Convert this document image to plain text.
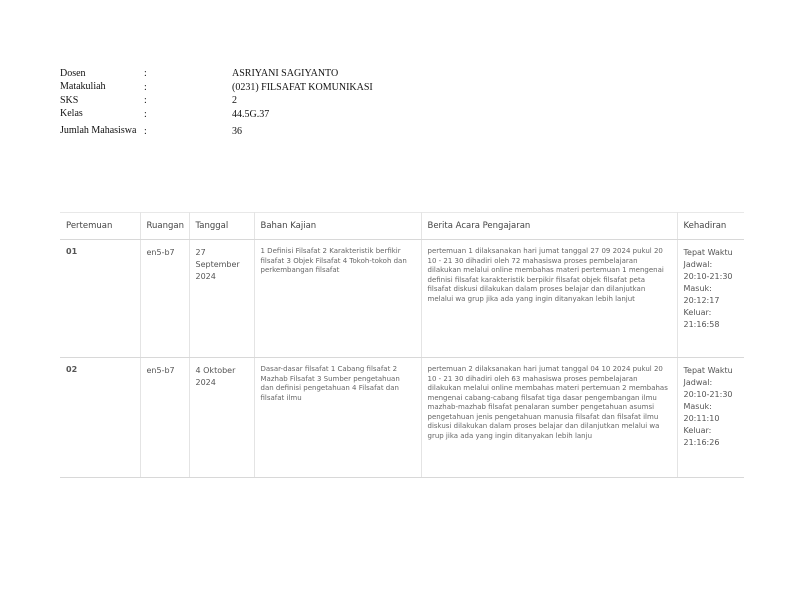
Dosen	:	ASRIYANI SAGIYANTO
Matakuliah	:	(0231) FILSAFAT KOMUNIKASI
SKS	:	2
Kelas	:	44.5G.37
Jumlah Mahasiswa :	36
Pertemuan	Ruangan	Tanggal	Bahan Kajian	Berita Acara Pengajaran	Kehadiran
01	en5-b7	27 September 2024	1 Definisi Filsafat 2 Karakteristik berfikir filsafat 3 Objek Filsafat 4 Tokoh-tokoh dan perkembangan filsafat	pertemuan 1 dilaksanakan hari jumat tanggal 27 09 2024 pukul 20 10 - 21 30 dihadiri oleh 72 mahasiswa proses pembelajaran dilakukan melalui online membahas materi pertemuan 1 mengenai definisi filsafat karakteristik berpikir filsafat objek filsafat peta filsafat diskusi dilakukan dalam proses belajar dan dilanjutkan melalui wa grup jika ada yang ingin ditanyakan lebih lanjut	Tepat Waktu Jadwal: 20:10-21:30 Masuk: 20:12:17 Keluar: 21:16:58
02	en5-b7	4 Oktober 2024	Dasar-dasar filsafat 1 Cabang filsafat 2 Mazhab Filsafat 3 Sumber pengetahuan dan definisi pengetahuan 4 Filsafat dan filsafat ilmu	pertemuan 2 dilaksanakan hari jumat tanggal 04 10 2024 pukul 20 10 - 21 30 dihadiri oleh 63 mahasiswa proses pembelajaran dilakukan melalui online membahas materi pertemuan 2 membahas mengenai cabang-cabang filsafat tiga dasar pengembangan ilmu mazhab-mazhab filsafat penalaran sumber pengetahuan asumsi pengetahuan jenis pengetahuan manusia filsafat dan filsafat ilmu diskusi dilakukan dalam proses belajar dan dilanjutkan melalui wa grup jika ada yang ingin ditanyakan lebih lanju	Tepat Waktu Jadwal: 20:10-21:30 Masuk: 20:11:10 Keluar: 21:16:26
